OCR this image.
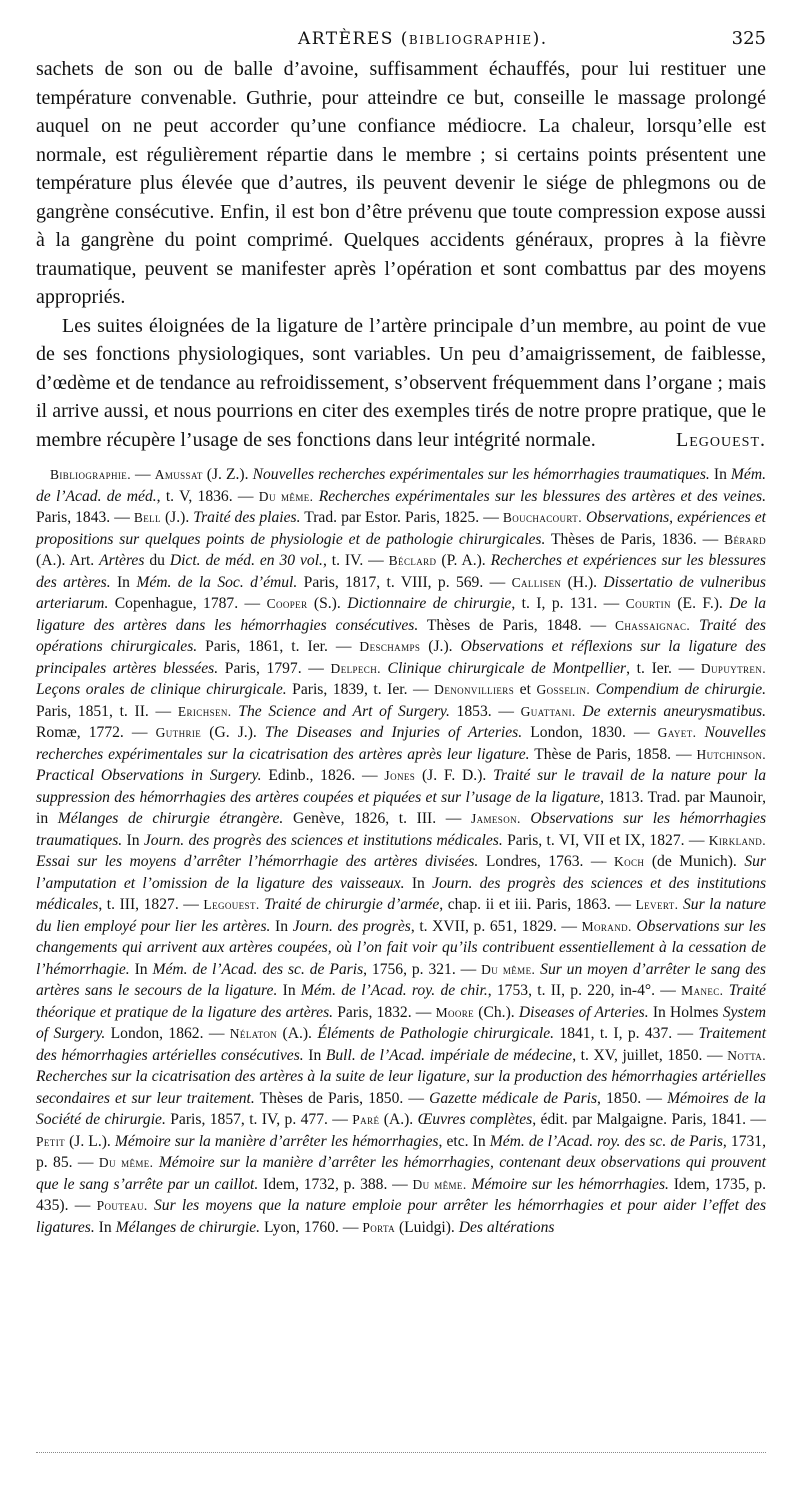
ARTÈRES (BIBLIOGRAPHIE).	325

sachets de son ou de balle d’avoine, suffisamment échauffés, pour lui restituer une température convenable. Guthrie, pour atteindre ce but, conseille le massage prolongé auquel on ne peut accorder qu’une confiance médiocre. La chaleur, lorsqu’elle est normale, est régulièrement répartie dans le membre ; si certains points présentent une température plus élevée que d’autres, ils peuvent devenir le siége de phlegmons ou de gangrène consécutive. Enfin, il est bon d’être prévenu que toute compression expose aussi à la gangrène du point comprimé. Quelques accidents généraux, propres à la fièvre traumatique, peuvent se manifester après l’opération et sont combattus par des moyens appropriés.

Les suites éloignées de la ligature de l’artère principale d’un membre, au point de vue de ses fonctions physiologiques, sont variables. Un peu d’amaigrissement, de faiblesse, d’œdème et de tendance au refroidissement, s’observent fréquemment dans l’organe ; mais il arrive aussi, et nous pourrions en citer des exemples tirés de notre propre pratique, que le membre récupère l’usage de ses fonctions dans leur intégrité normale.	Legouest.

Bibliographie. — Amussat (J. Z.). Nouvelles recherches expérimentales sur les hémorrhagies traumatiques. In Mém. de l’Acad. de méd., t. V, 1836. — Du même. Recherches expérimentales sur les blessures des artères et des veines. Paris, 1843. — Bell (J.). Traité des plaies. Trad. par Estor. Paris, 1825. — Bouchacourt. Observations, expériences et propositions sur quelques points de physiologie et de pathologie chirurgicales. Thèses de Paris, 1836. — Bérard (A.). Art. Artères du Dict. de méd. en 30 vol., t. IV. — Béclard (P. A.). Recherches et expériences sur les blessures des artères. In Mém. de la Soc. d’émul. Paris, 1817, t. VIII, p. 569. — Callisen (H.). Dissertatio de vulneribus arteriarum. Copenhague, 1787. — Cooper (S.). Dictionnaire de chirurgie, t. I, p. 131. — Courtin (E. F.). De la ligature des artères dans les hémorrhagies consécutives. Thèses de Paris, 1848. — Chassaignac. Traité des opérations chirurgicales. Paris, 1861, t. Ier. — Deschamps (J.). Observations et réflexions sur la ligature des principales artères blessées. Paris, 1797. — Delpech. Clinique chirurgicale de Montpellier, t. Ier. — Dupuytren. Leçons orales de clinique chirurgicale. Paris, 1839, t. Ier. — Denonvilliers et Gosselin. Compendium de chirurgie. Paris, 1851, t. II. — Erichsen. The Science and Art of Surgery. 1853. — Guattani. De externis aneurysmatibus. Romæ, 1772. — Guthrie (G. J.). The Diseases and Injuries of Arteries. London, 1830. — Gayet. Nouvelles recherches expérimentales sur la cicatrisation des artères après leur ligature. Thèse de Paris, 1858. — Hutchinson. Practical Observations in Surgery. Edinb., 1826. — Jones (J. F. D.). Traité sur le travail de la nature pour la suppression des hémorrhagies des artères coupées et piquées et sur l’usage de la ligature, 1813. Trad. par Maunoir, in Mélanges de chirurgie étrangère. Genève, 1826, t. III. — Jameson. Observations sur les hémorrhagies traumatiques. In Journ. des progrès des sciences et institutions médicales. Paris, t. VI, VII et IX, 1827. — Kirkland. Essai sur les moyens d’arrêter l’hémorrhagie des artères divisées. Londres, 1763. — Koch (de Munich). Sur l’amputation et l’omission de la ligature des vaisseaux. In Journ. des progrès des sciences et des institutions médicales, t. III, 1827. — Legouest. Traité de chirurgie d’armée, chap. ii et iii. Paris, 1863. — Levert. Sur la nature du lien employé pour lier les artères. In Journ. des progrès, t. XVII, p. 651, 1829. — Morand. Observations sur les changements qui arrivent aux artères coupées, où l’on fait voir qu’ils contribuent essentiellement à la cessation de l’hémorrhagie. In Mém. de l’Acad. des sc. de Paris, 1756, p. 321. — Du même. Sur un moyen d’arrêter le sang des artères sans le secours de la ligature. In Mém. de l’Acad. roy. de chir., 1753, t. II, p. 220, in-4°. — Manec. Traité théorique et pratique de la ligature des artères. Paris, 1832. — Moore (Ch.). Diseases of Arteries. In Holmes System of Surgery. London, 1862. — Nélaton (A.). Éléments de Pathologie chirurgicale. 1841, t. I, p. 437. — Traitement des hémorrhagies artérielles consécutives. In Bull. de l’Acad. impériale de médecine, t. XV, juillet, 1850. — Notta. Recherches sur la cicatrisation des artères à la suite de leur ligature, sur la production des hémorrhagies artérielles secondaires et sur leur traitement. Thèses de Paris, 1850. — Gazette médicale de Paris, 1850. — Mémoires de la Société de chirurgie. Paris, 1857, t. IV, p. 477. — Paré (A.). Œuvres complètes, édit. par Malgaigne. Paris, 1841. — Petit (J. L.). Mémoire sur la manière d’arrêter les hémorrhagies, etc. In Mém. de l’Acad. roy. des sc. de Paris, 1731, p. 85. — Du même. Mémoire sur la manière d’arrêter les hémorrhagies, contenant deux observations qui prouvent que le sang s’arrête par un caillot. Idem, 1732, p. 388. — Du même. Mémoire sur les hémorrhagies. Idem, 1735, p. 435). — Pouteau. Sur les moyens que la nature emploie pour arrêter les hémorrhagies et pour aider l’effet des ligatures. In Mélanges de chirurgie. Lyon, 1760. — Porta (Luidgi). Des altérations
